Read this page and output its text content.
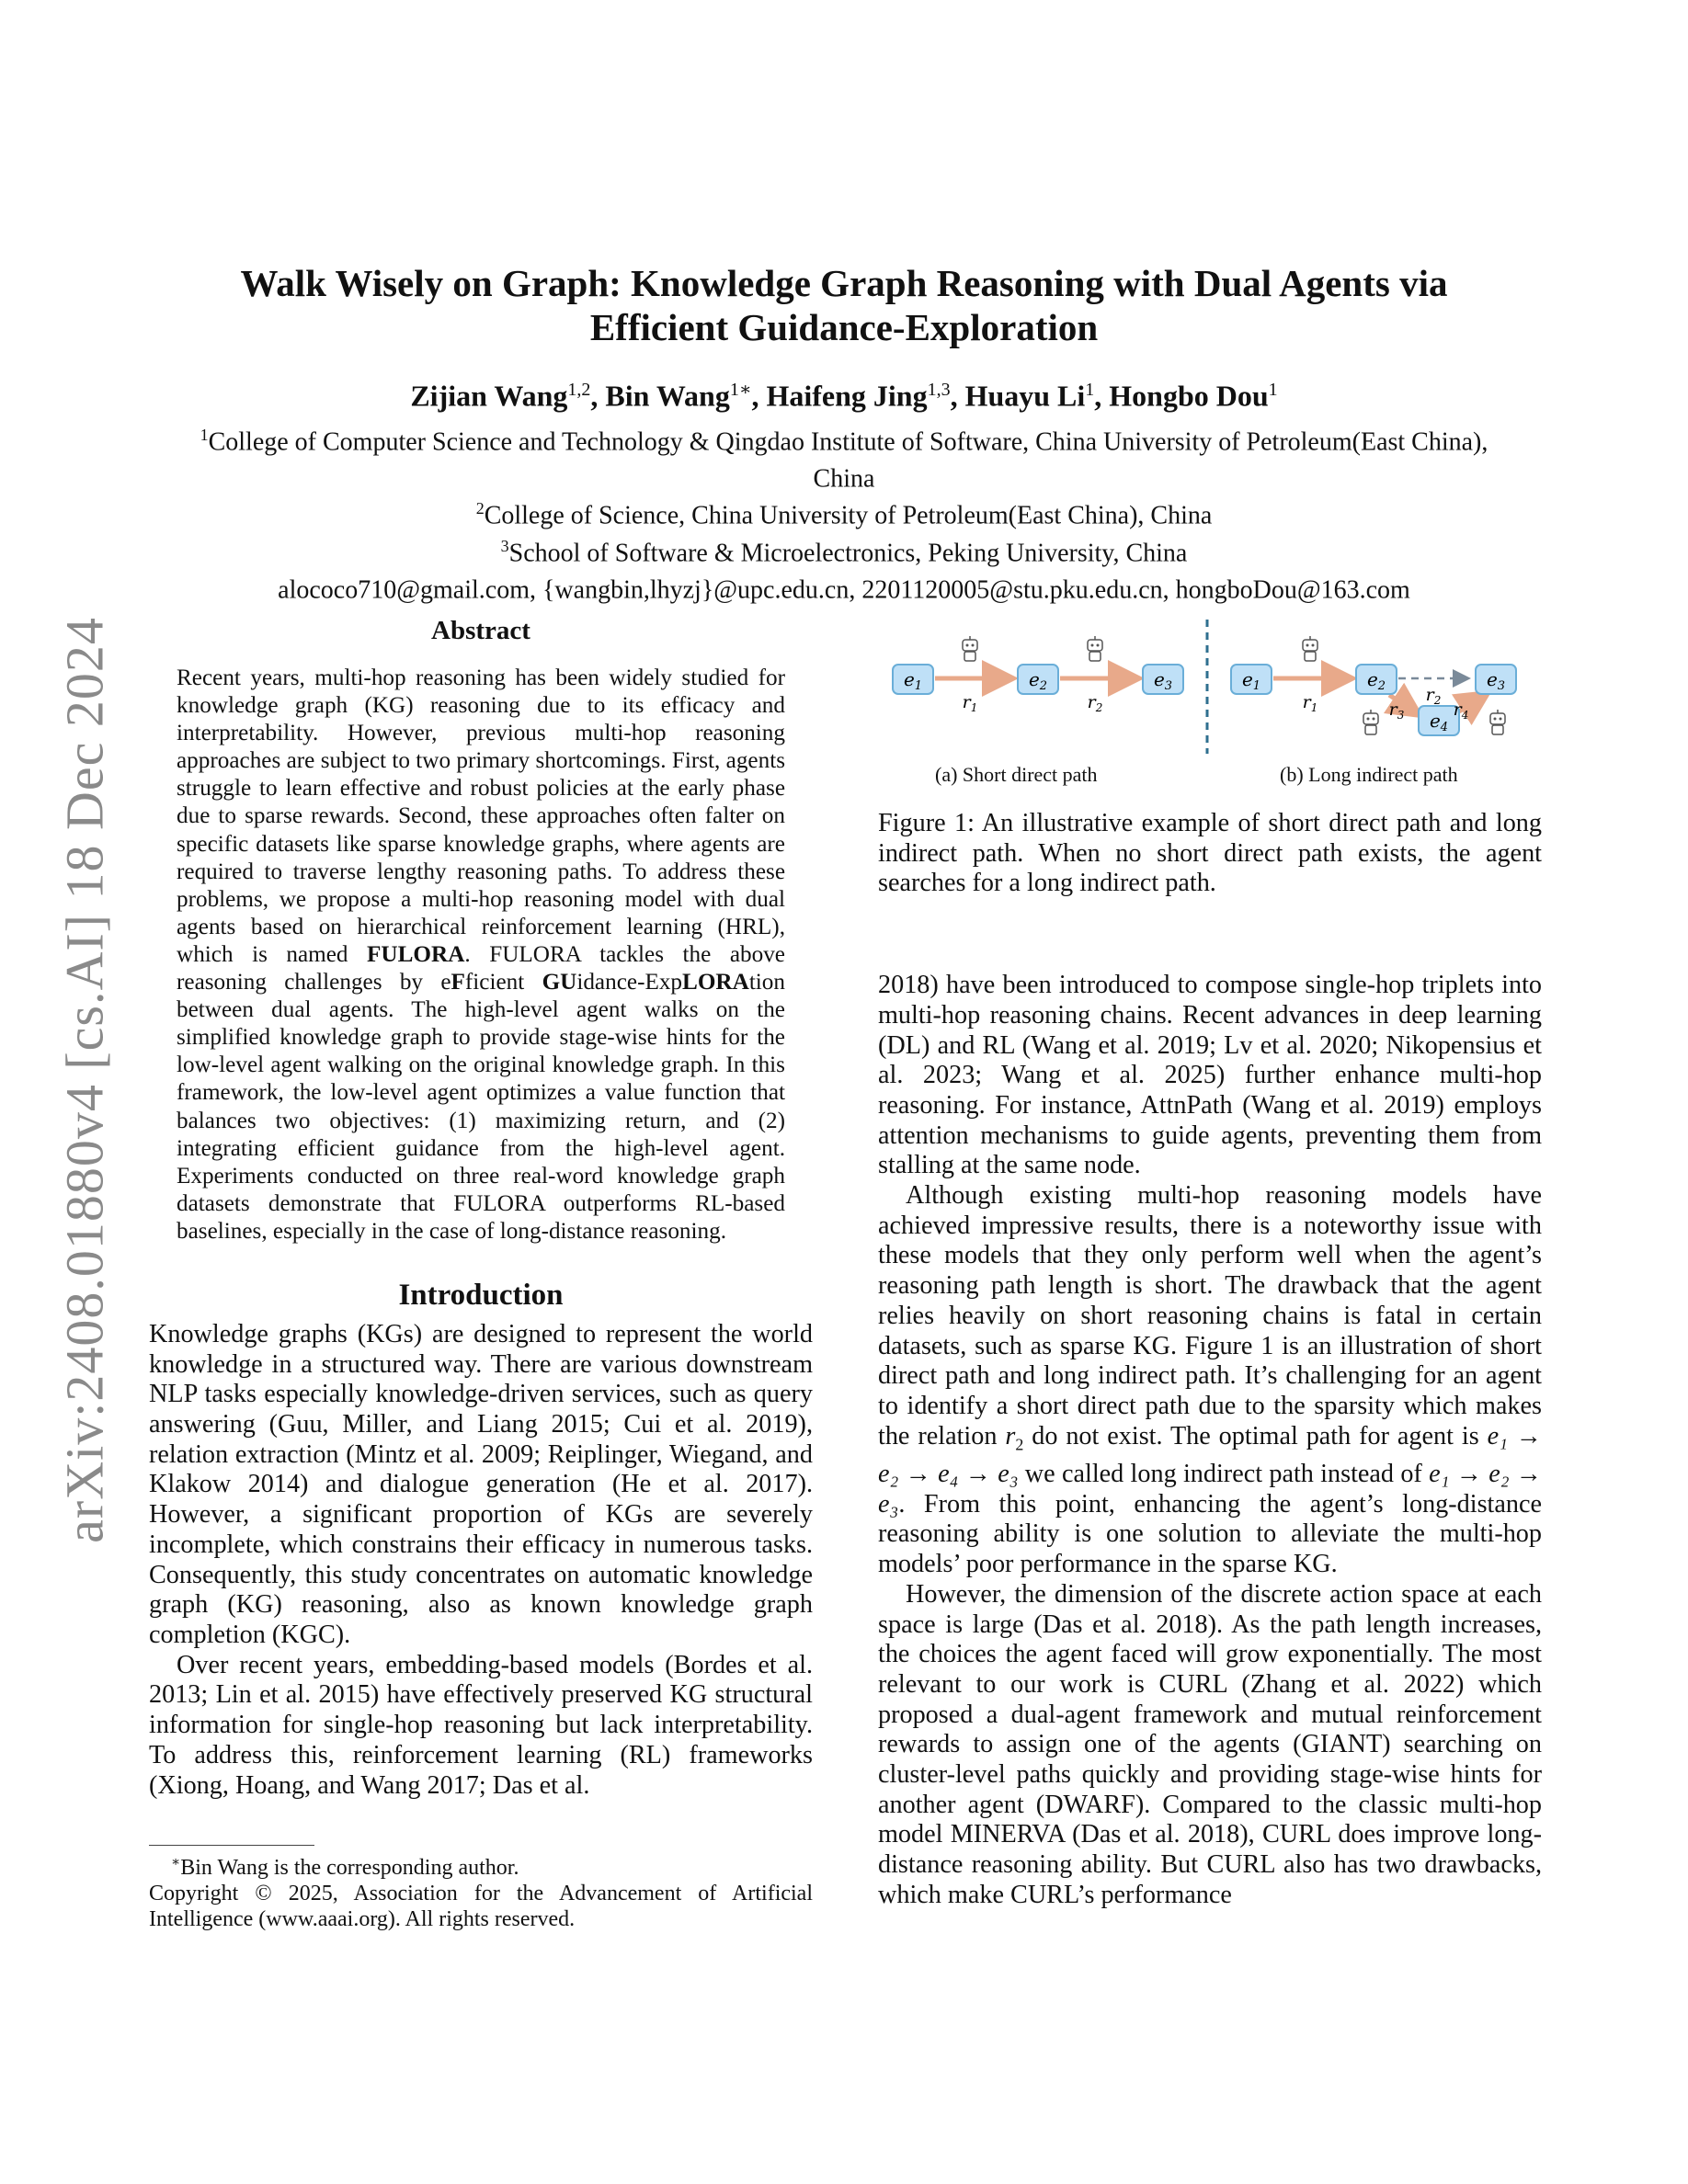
arXiv:2408.01880v4 [cs.AI] 18 Dec 2024
Walk Wisely on Graph: Knowledge Graph Reasoning with Dual Agents via
Efficient Guidance-Exploration
Zijian Wang$^{1,2}$, Bin Wang$^{1∗}$, Haifeng Jing$^{1,3}$, Huayu Li$^1$, Hongbo Dou$^1$
$^1$College of Computer Science and Technology & Qingdao Institute of Software, China University of Petroleum(East China),
China
$^2$College of Science, China University of Petroleum(East China), China
$^3$School of Software & Microelectronics, Peking University, China
alococo710@gmail.com, {wangbin,lhyzj}@upc.edu.cn, 2201120005@stu.pku.edu.cn, hongboDou@163.com
Abstract
Recent years, multi-hop reasoning has been widely studied for knowledge graph (KG) reasoning due to its efficacy and interpretability. However, previous multi-hop reasoning approaches are subject to two primary shortcomings. First, agents struggle to learn effective and robust policies at the early phase due to sparse rewards. Second, these approaches often falter on specific datasets like sparse knowledge graphs, where agents are required to traverse lengthy reasoning paths. To address these problems, we propose a multi-hop reasoning model with dual agents based on hierarchical reinforcement learning (HRL), which is named FULORA. FULORA tackles the above reasoning challenges by eFficient GUidance-ExpLORAtion between dual agents. The high-level agent walks on the simplified knowledge graph to provide stage-wise hints for the low-level agent walking on the original knowledge graph. In this framework, the low-level agent optimizes a value function that balances two objectives: (1) maximizing return, and (2) integrating efficient guidance from the high-level agent. Experiments conducted on three real-word knowledge graph datasets demonstrate that FULORA outperforms RL-based baselines, especially in the case of long-distance reasoning.
Introduction

Knowledge graphs (KGs) are designed to represent the world knowledge in a structured way. There are various downstream NLP tasks especially knowledge-driven services, such as query answering (Guu, Miller, and Liang 2015; Cui et al. 2019), relation extraction (Mintz et al. 2009; Reiplinger, Wiegand, and Klakow 2014) and dialogue generation (He et al. 2017). However, a significant proportion of KGs are severely incomplete, which constrains their efficacy in numerous tasks. Consequently, this study concentrates on automatic knowledge graph (KG) reasoning, also as known knowledge graph completion (KGC).

Over recent years, embedding-based models (Bordes et al. 2013; Lin et al. 2015) have effectively preserved KG structural information for single-hop reasoning but lack interpretability. To address this, reinforcement learning (RL) frameworks (Xiong, Hoang, and Wang 2017; Das et al.

∗Bin Wang is the corresponding author.
Copyright © 2025, Association for the Advancement of Artificial Intelligence (www.aaai.org). All rights reserved.
$e_1$	$e_2$	$e_3$
$r_1$	$r_2$
$e_1$	$e_2$	$e_3$
$e_4$
$r_1$
$r_2$
$r_3$	$r_4$
(a) Short direct path	(b) Long indirect path
Figure 1: An illustrative example of short direct path and long indirect path. When no short direct path exists, the agent searches for a long indirect path.

2018) have been introduced to compose single-hop triplets into multi-hop reasoning chains. Recent advances in deep learning (DL) and RL (Wang et al. 2019; Lv et al. 2020; Nikopensius et al. 2023; Wang et al. 2025) further enhance multi-hop reasoning. For instance, AttnPath (Wang et al. 2019) employs attention mechanisms to guide agents, preventing them from stalling at the same node.

Although existing multi-hop reasoning models have achieved impressive results, there is a noteworthy issue with these models that they only perform well when the agent’s reasoning path length is short. The drawback that the agent relies heavily on short reasoning chains is fatal in certain datasets, such as sparse KG. Figure 1 is an illustration of short direct path and long indirect path. It’s challenging for an agent to identify a short direct path due to the sparsity which makes the relation $r_2$ do not exist. The optimal path for agent is e₁ → e₂ → e₄ → e₃ we called long indirect path instead of e₁ → e₂ → e₃. From this point, enhancing the agent’s long-distance reasoning ability is one solution to alleviate the multi-hop models’ poor performance in the sparse KG.

However, the dimension of the discrete action space at each space is large (Das et al. 2018). As the path length increases, the choices the agent faced will grow exponentially. The most relevant to our work is CURL (Zhang et al. 2022) which proposed a dual-agent framework and mutual reinforcement rewards to assign one of the agents (GIANT) searching on cluster-level paths quickly and providing stage-wise hints for another agent (DWARF). Compared to the classic multi-hop model MINERVA (Das et al. 2018), CURL does improve long-distance reasoning ability. But CURL also has two drawbacks, which make CURL’s performance
